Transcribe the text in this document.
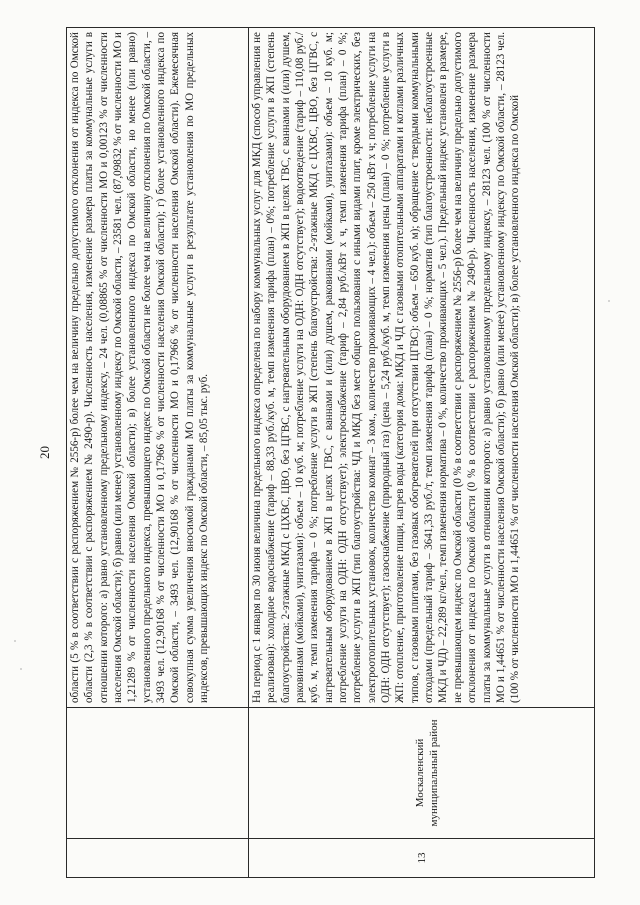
20

		области (5 % в соответствии с распоряжением № 2556-р) более чем на величину предельно допустимого отклонения от индекса по Омской области (2,3 % в соответствии с распоряжением № 2490-р). Численность населения, изменение размера платы за коммунальные услуги в отношении которого: а) равно установленному предельному индексу, – 24 чел. (0,08865 % от численности МО и 0,00123 % от численности населения Омской области); б) равно (или менее) установленному индексу по Омской области, – 23581 чел. (87,09832 % от численности МО и 1,21289 % от численности населения Омской области); в) более установленного индекса по Омской области, но менее (или равно) установленного предельного индекса, превышающего индекс по Омской области не более чем на величину отклонения по Омской области, – 3493 чел. (12,90168 % от численности МО и 0,17966 % от численности населения Омской области); г) более установленного индекса по Омской области, – 3493 чел. (12,90168 % от численности МО и 0,17966 % от численности населения Омской области). Ежемесячная совокупная сумма увеличения вносимой гражданами МО платы за коммунальные услуги в результате установления по МО предельных индексов, превышающих индекс по Омской области, – 85,05 тыс. руб.

13	Москаленский муниципальный район	На период с 1 января по 30 июня величина предельного индекса определена по набору коммунальных услуг для МКД (способ управления не реализован): холодное водоснабжение (тариф – 88,33 руб./куб. м, темп изменения тарифа (план) – 0%; потребление услуги в ЖП (степень благоустройства: 2-этажные МКД с ЦХВС, ЦВО, без ЦГВС, с нагревательным оборудованием в ЖП в целях ГВС, с ваннами и (или) душем, раковинами (мойками), унитазами): объем – 10 куб. м; потребление услуги на ОДН: ОДН отсутствует); водоотведение (тариф – 110,08 руб./куб. м, темп изменения тарифа – 0 %; потребление услуги в ЖП (степень благоустройства: 2-этажные МКД с ЦХВС, ЦВО, без ЦГВС, с нагревательным оборудованием в ЖП в целях ГВС, с ваннами и (или) душем, раковинами (мойками), унитазами): объем – 10 куб. м; потребление услуги на ОДН: ОДН отсутствует); электроснабжение (тариф – 2,84 руб./кВт x ч, темп изменения тарифа (план) – 0 %; потребление услуги в ЖП (тип благоустройства: ЧД и МКД без мест общего пользования с иными видами плит, кроме электрических, без электроотопительных установок, количество комнат – 3 ком., количество проживающих – 4 чел.): объем – 250 кВт x ч; потребление услуги на ОДН: ОДН отсутствует); газоснабжение (природный газ) (цена – 5,24 руб./куб. м, темп изменения цены (план) – 0 %; потребление услуги в ЖП: отопление, приготовление пищи, нагрев воды (категория дома: МКД и ЧД с газовыми отопительными аппаратами и котлами различных типов, с газовыми плитами, без газовых обогревателей при отсутствии ЦГВС): объем – 650 куб. м); обращение с твердыми коммунальными отходами (предельный тариф – 3641,33 руб./т, темп изменения тарифа (план) – 0 %; норматив (тип благоустроенности: неблагоустроенные МКД и ЧД) – 22,289 кг/чел., темп изменения норматива – 0 %, количество проживающих – 5 чел.). Предельный индекс установлен в размере, не превышающем индекс по Омской области (0 % в соответствии с распоряжением № 2556-р) более чем на величину предельно допустимого отклонения от индекса по Омской области (0 % в соответствии с распоряжением № 2490-р). Численность населения, изменение размера платы за коммунальные услуги в отношении которого: а) равно установленному предельному индексу, – 28123 чел. (100 % от численности МО и 1,44651 % от численности населения Омской области); б) равно (или менее) установленному индексу по Омской области, – 28123 чел. (100 % от численности МО и 1,44651 % от численности населения Омской области); в) более установленного индекса по Омской
